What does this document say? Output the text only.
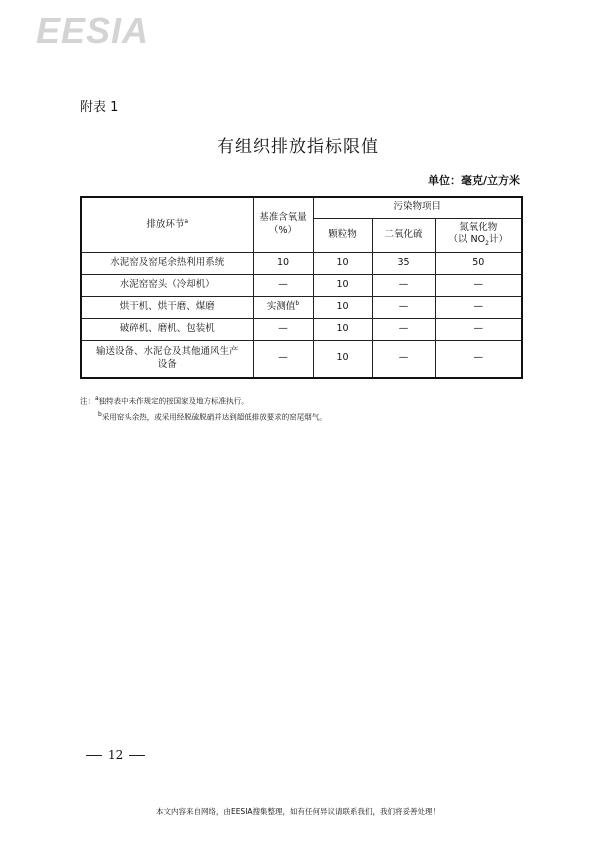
EESIA
附表 1
有组织排放指标限值
单位：毫克/立方米
排放环节$^a$	基准含氧量（%）	污染物项目		
		颗粒物	二氧化硫	氮氧化物
（以 $NO_2$计）

水泥窑及窑尾余热利用系统	10	10	35	50
水泥窑窑头（冷却机）	—	10	—	—
烘干机、烘干磨、煤磨	实测值$^b$	10	—	—
破碎机、磨机、包装机	—	10	—	—
输送设备、水泥仓及其他通风生产设备	—	10	—	—
注：$^a$独特表中未作规定的按国家及地方标准执行。
$^b$采用窑头余热，或采用经脱硫脱硝并达到超低排放要求的窑尾烟气。
12
本文内容来自网络，由EESIA搜集整理，如有任何异议请联系我们，我们将妥善处理！
